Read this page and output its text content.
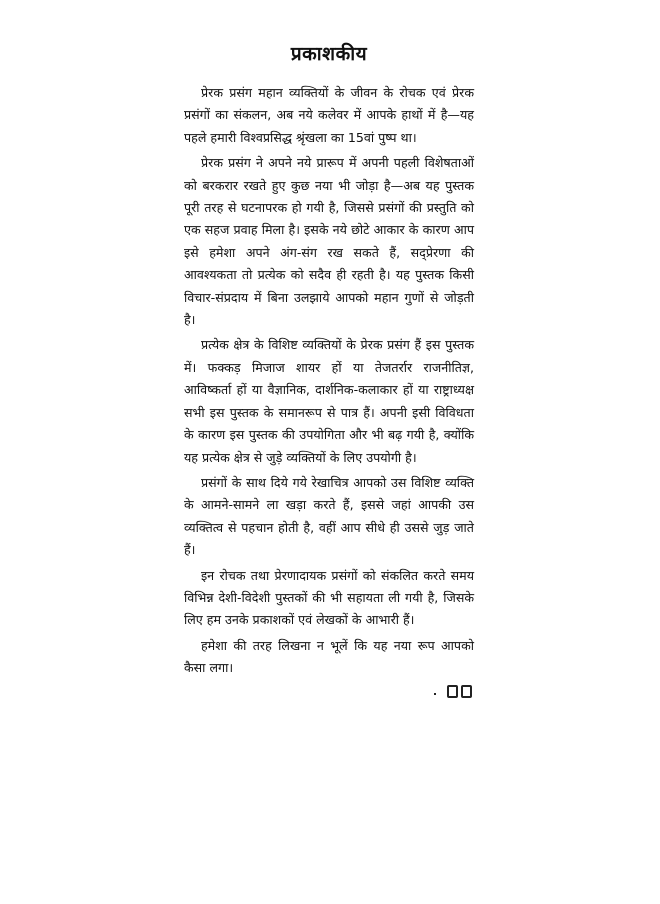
प्रकाशकीय

प्रेरक प्रसंग महान व्यक्तियों के जीवन के रोचक एवं प्रेरक प्रसंगों का संकलन, अब नये कलेवर में आपके हाथों में है—यह पहले हमारी विश्वप्रसिद्ध श्रृंखला का 15वां पुष्प था।

प्रेरक प्रसंग ने अपने नये प्रारूप में अपनी पहली विशेषताओं को बरकरार रखते हुए कुछ नया भी जोड़ा है—अब यह पुस्तक पूरी तरह से घटनापरक हो गयी है, जिससे प्रसंगों की प्रस्तुति को एक सहज प्रवाह मिला है। इसके नये छोटे आकार के कारण आप इसे हमेशा अपने अंग-संग रख सकते हैं, सद्प्रेरणा की आवश्यकता तो प्रत्येक को सदैव ही रहती है। यह पुस्तक किसी विचार-संप्रदाय में बिना उलझाये आपको महान गुणों से जोड़ती है।

प्रत्येक क्षेत्र के विशिष्ट व्यक्तियों के प्रेरक प्रसंग हैं इस पुस्तक में। फक्कड़ मिजाज शायर हों या तेजतर्रार राजनीतिज्ञ, आविष्कर्ता हों या वैज्ञानिक, दार्शनिक-कलाकार हों या राष्ट्राध्यक्ष सभी इस पुस्तक के समानरूप से पात्र हैं। अपनी इसी विविधता के कारण इस पुस्तक की उपयोगिता और भी बढ़ गयी है, क्योंकि यह प्रत्येक क्षेत्र से जुड़े व्यक्तियों के लिए उपयोगी है।

प्रसंगों के साथ दिये गये रेखाचित्र आपको उस विशिष्ट व्यक्ति के आमने-सामने ला खड़ा करते हैं, इससे जहां आपकी उस व्यक्तित्व से पहचान होती है, वहीं आप सीधे ही उससे जुड़ जाते हैं।

इन रोचक तथा प्रेरणादायक प्रसंगों को संकलित करते समय विभिन्न देशी-विदेशी पुस्तकों की भी सहायता ली गयी है, जिसके लिए हम उनके प्रकाशकों एवं लेखकों के आभारी हैं।

हमेशा की तरह लिखना न भूलें कि यह नया रूप आपको कैसा लगा।
